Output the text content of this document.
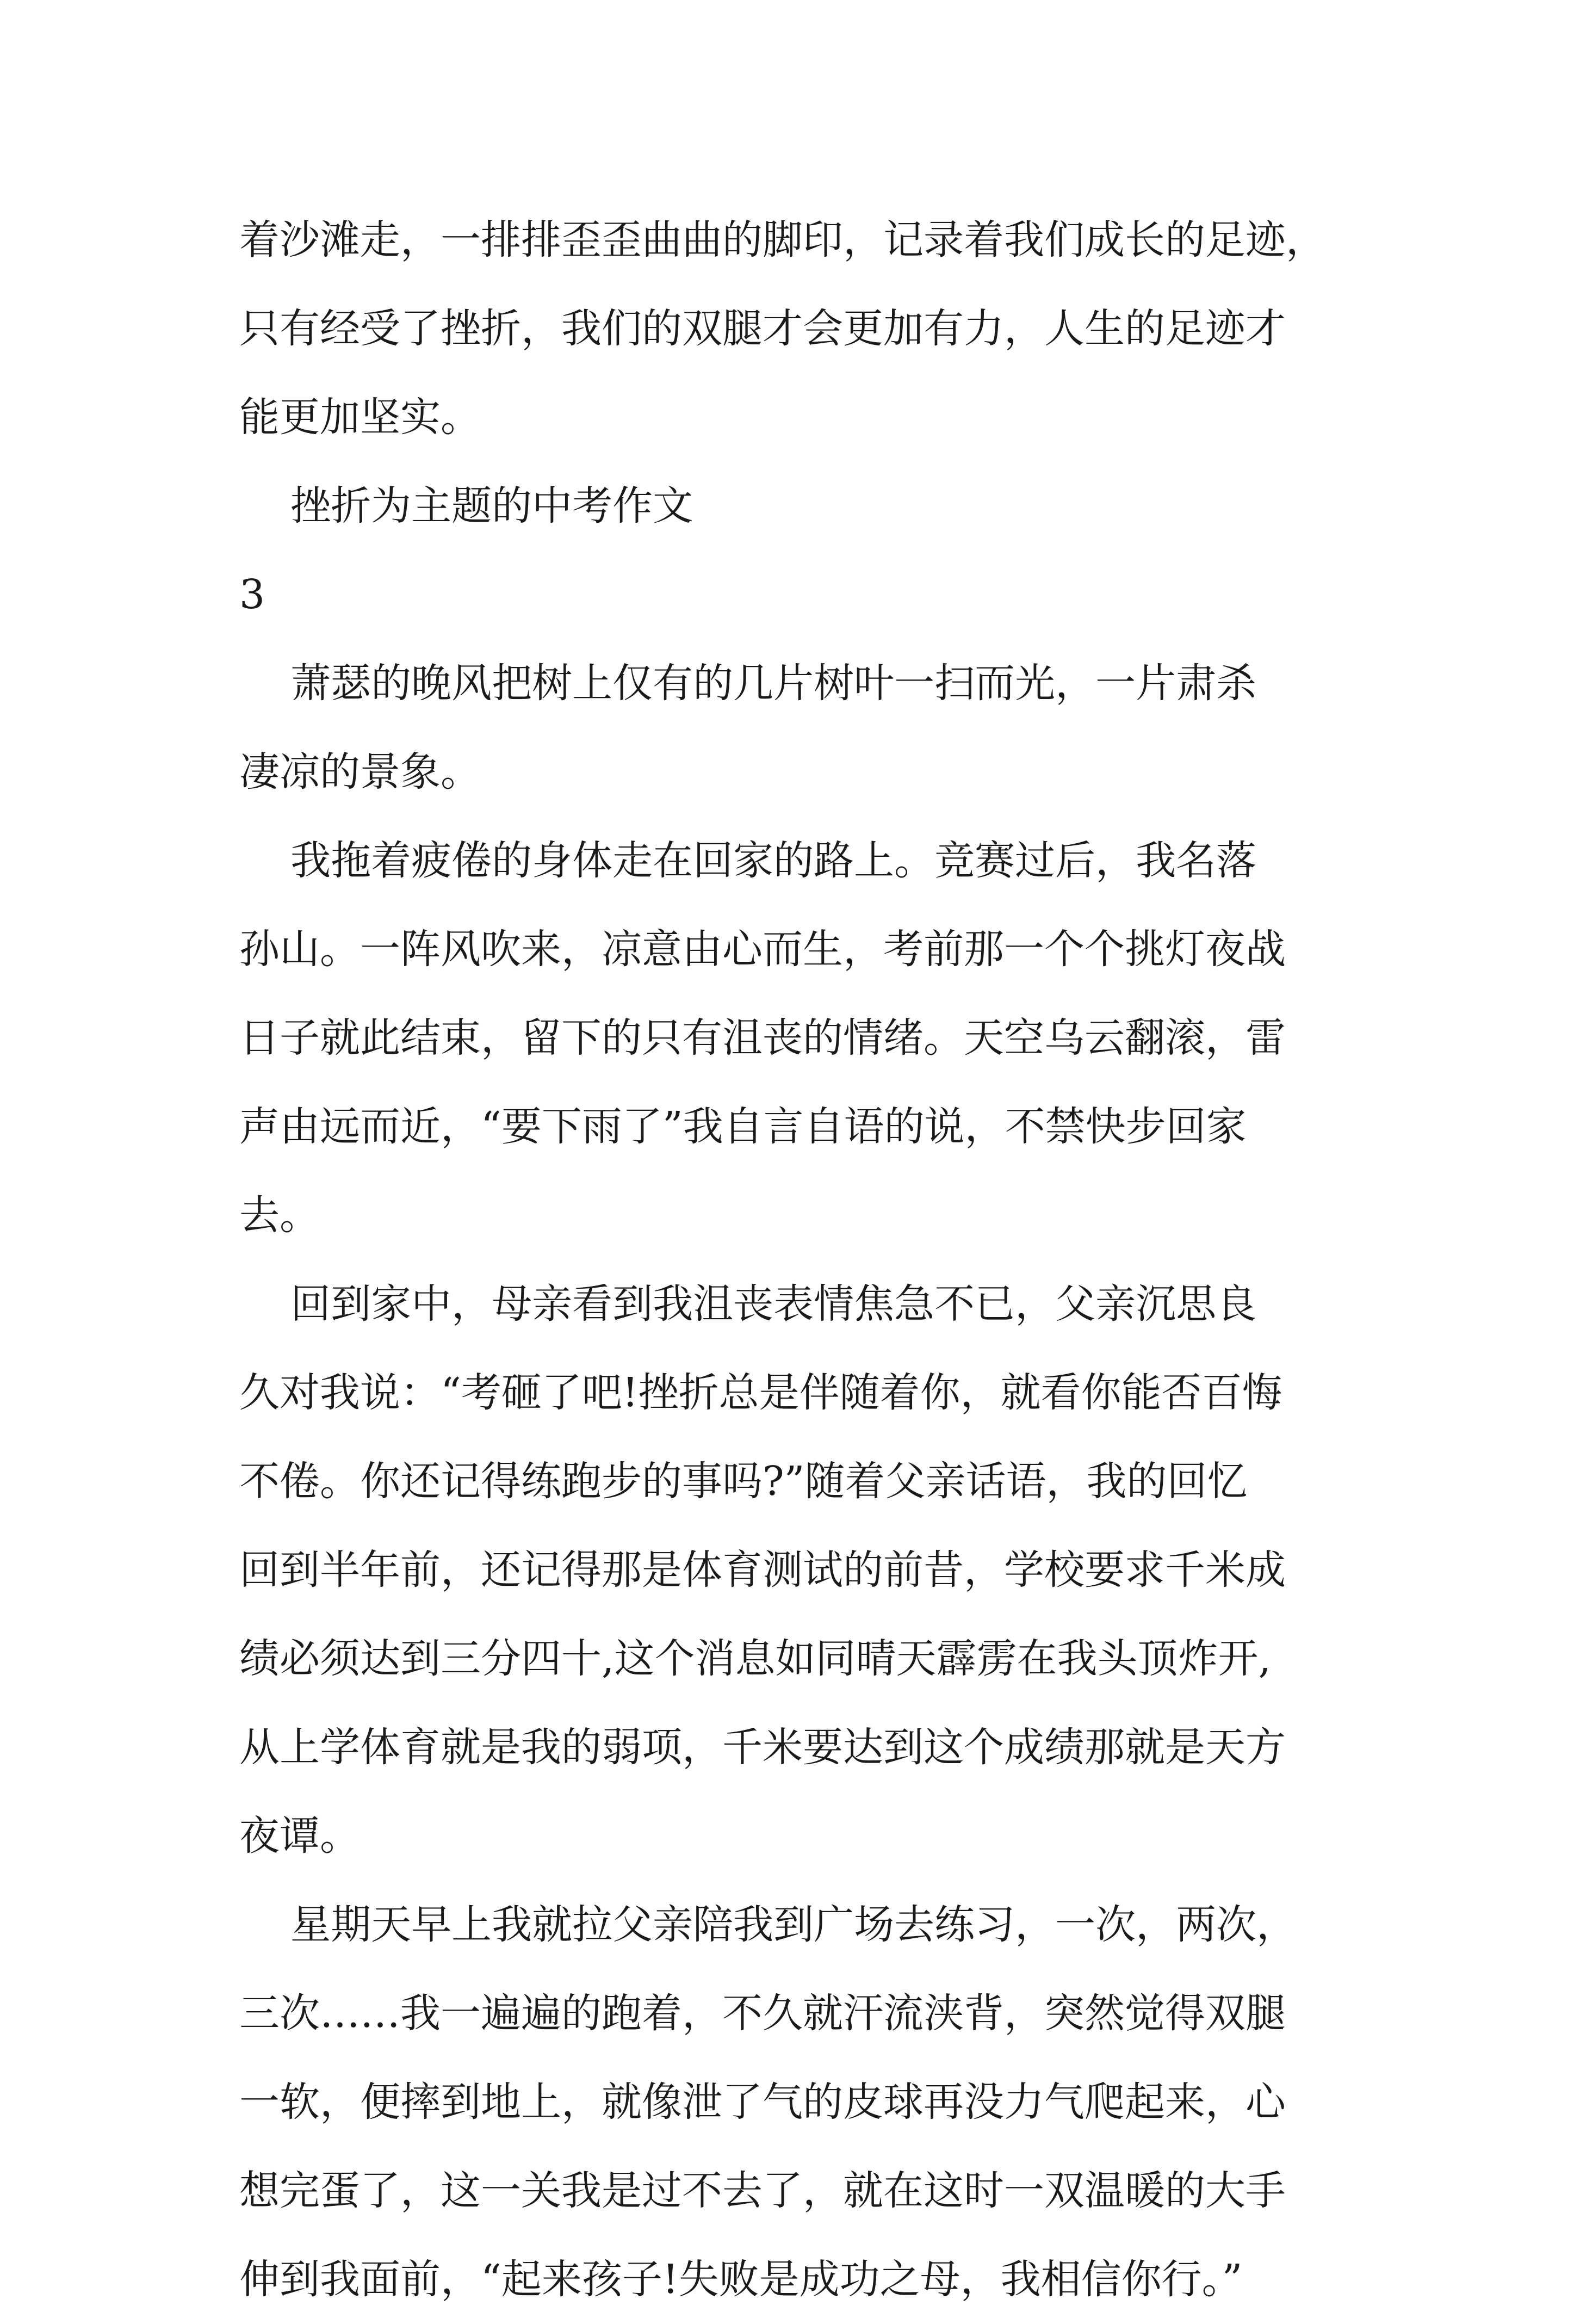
着沙滩走，一排排歪歪曲曲的脚印，记录着我们成长的足迹，
只有经受了挫折，我们的双腿才会更加有力，人生的足迹才
能更加坚实。
挫折为主题的中考作文
3
萧瑟的晚风把树上仅有的几片树叶一扫而光，一片肃杀
凄凉的景象。
我拖着疲倦的身体走在回家的路上。竞赛过后，我名落
孙山。一阵风吹来，凉意由心而生，考前那一个个挑灯夜战
日子就此结束，留下的只有沮丧的情绪。天空乌云翻滚，雷
声由远而近，“要下雨了”我自言自语的说，不禁快步回家
去。
回到家中，母亲看到我沮丧表情焦急不已，父亲沉思良
久对我说：“考砸了吧!挫折总是伴随着你，就看你能否百悔
不倦。你还记得练跑步的事吗?”随着父亲话语，我的回忆
回到半年前，还记得那是体育测试的前昔，学校要求千米成
绩必须达到三分四十,这个消息如同晴天霹雳在我头顶炸开,
从上学体育就是我的弱项，千米要达到这个成绩那就是天方
夜谭。
星期天早上我就拉父亲陪我到广场去练习，一次，两次，
三次……我一遍遍的跑着，不久就汗流浃背，突然觉得双腿
一软，便摔到地上，就像泄了气的皮球再没力气爬起来，心
想完蛋了，这一关我是过不去了，就在这时一双温暖的大手
伸到我面前，“起来孩子!失败是成功之母，我相信你行。”
